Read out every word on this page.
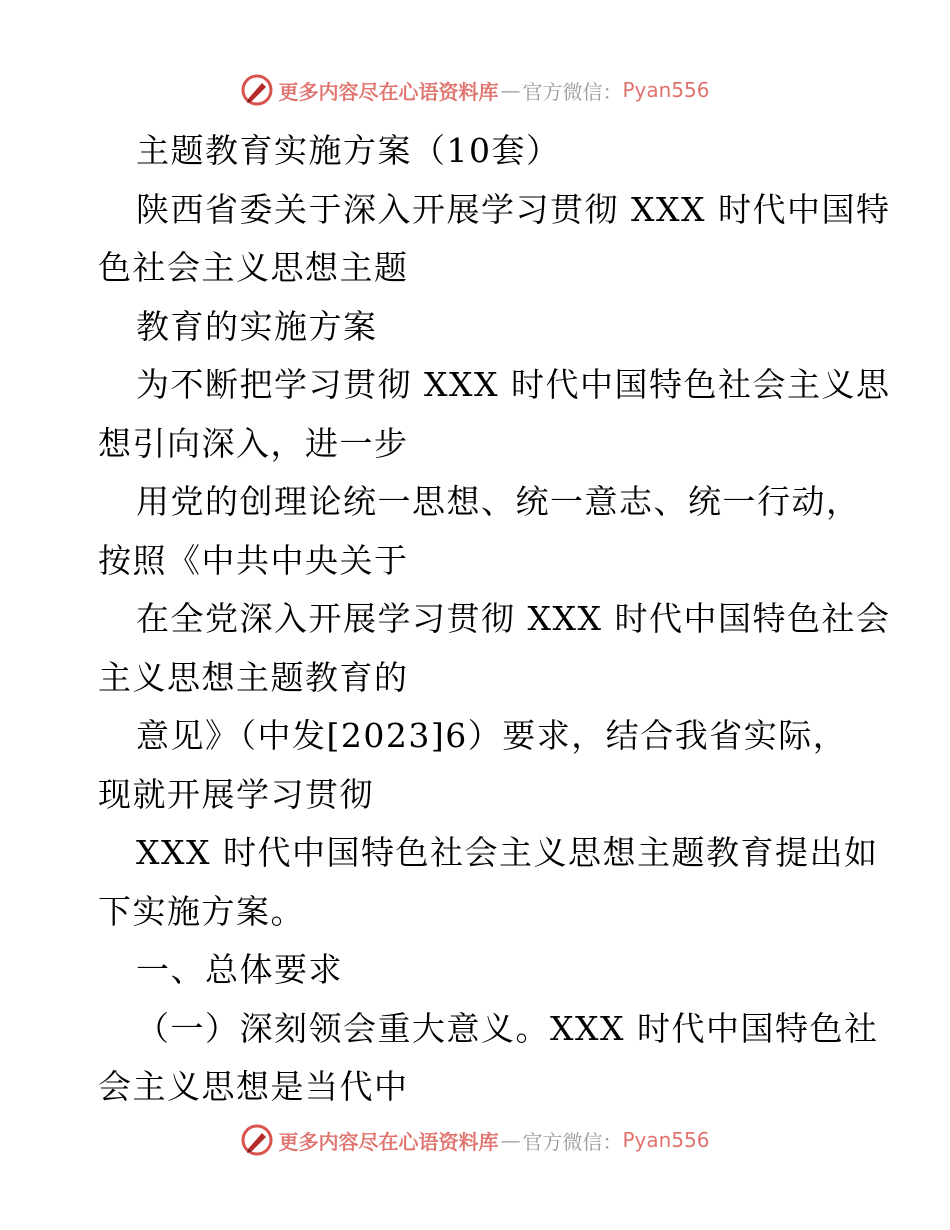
更多内容尽在心语资料库 — 官方微信： Pyan556
主题教育实施方案（10套）
陕西省委关于深入开展学习贯彻 XXX 时代中国特
色社会主义思想主题
教育的实施方案
为不断把学习贯彻 XXX 时代中国特色社会主义思
想引向深入，进一步
用党的创理论统一思想、统一意志、统一行动，
按照《中共中央关于
在全党深入开展学习贯彻 XXX 时代中国特色社会
主义思想主题教育的
意见》（中发[2023]6）要求，结合我省实际，
现就开展学习贯彻
XXX 时代中国特色社会主义思想主题教育提出如
下实施方案。
一、总体要求
（一）深刻领会重大意义。XXX 时代中国特色社
会主义思想是当代中
更多内容尽在心语资料库 — 官方微信： Pyan556
